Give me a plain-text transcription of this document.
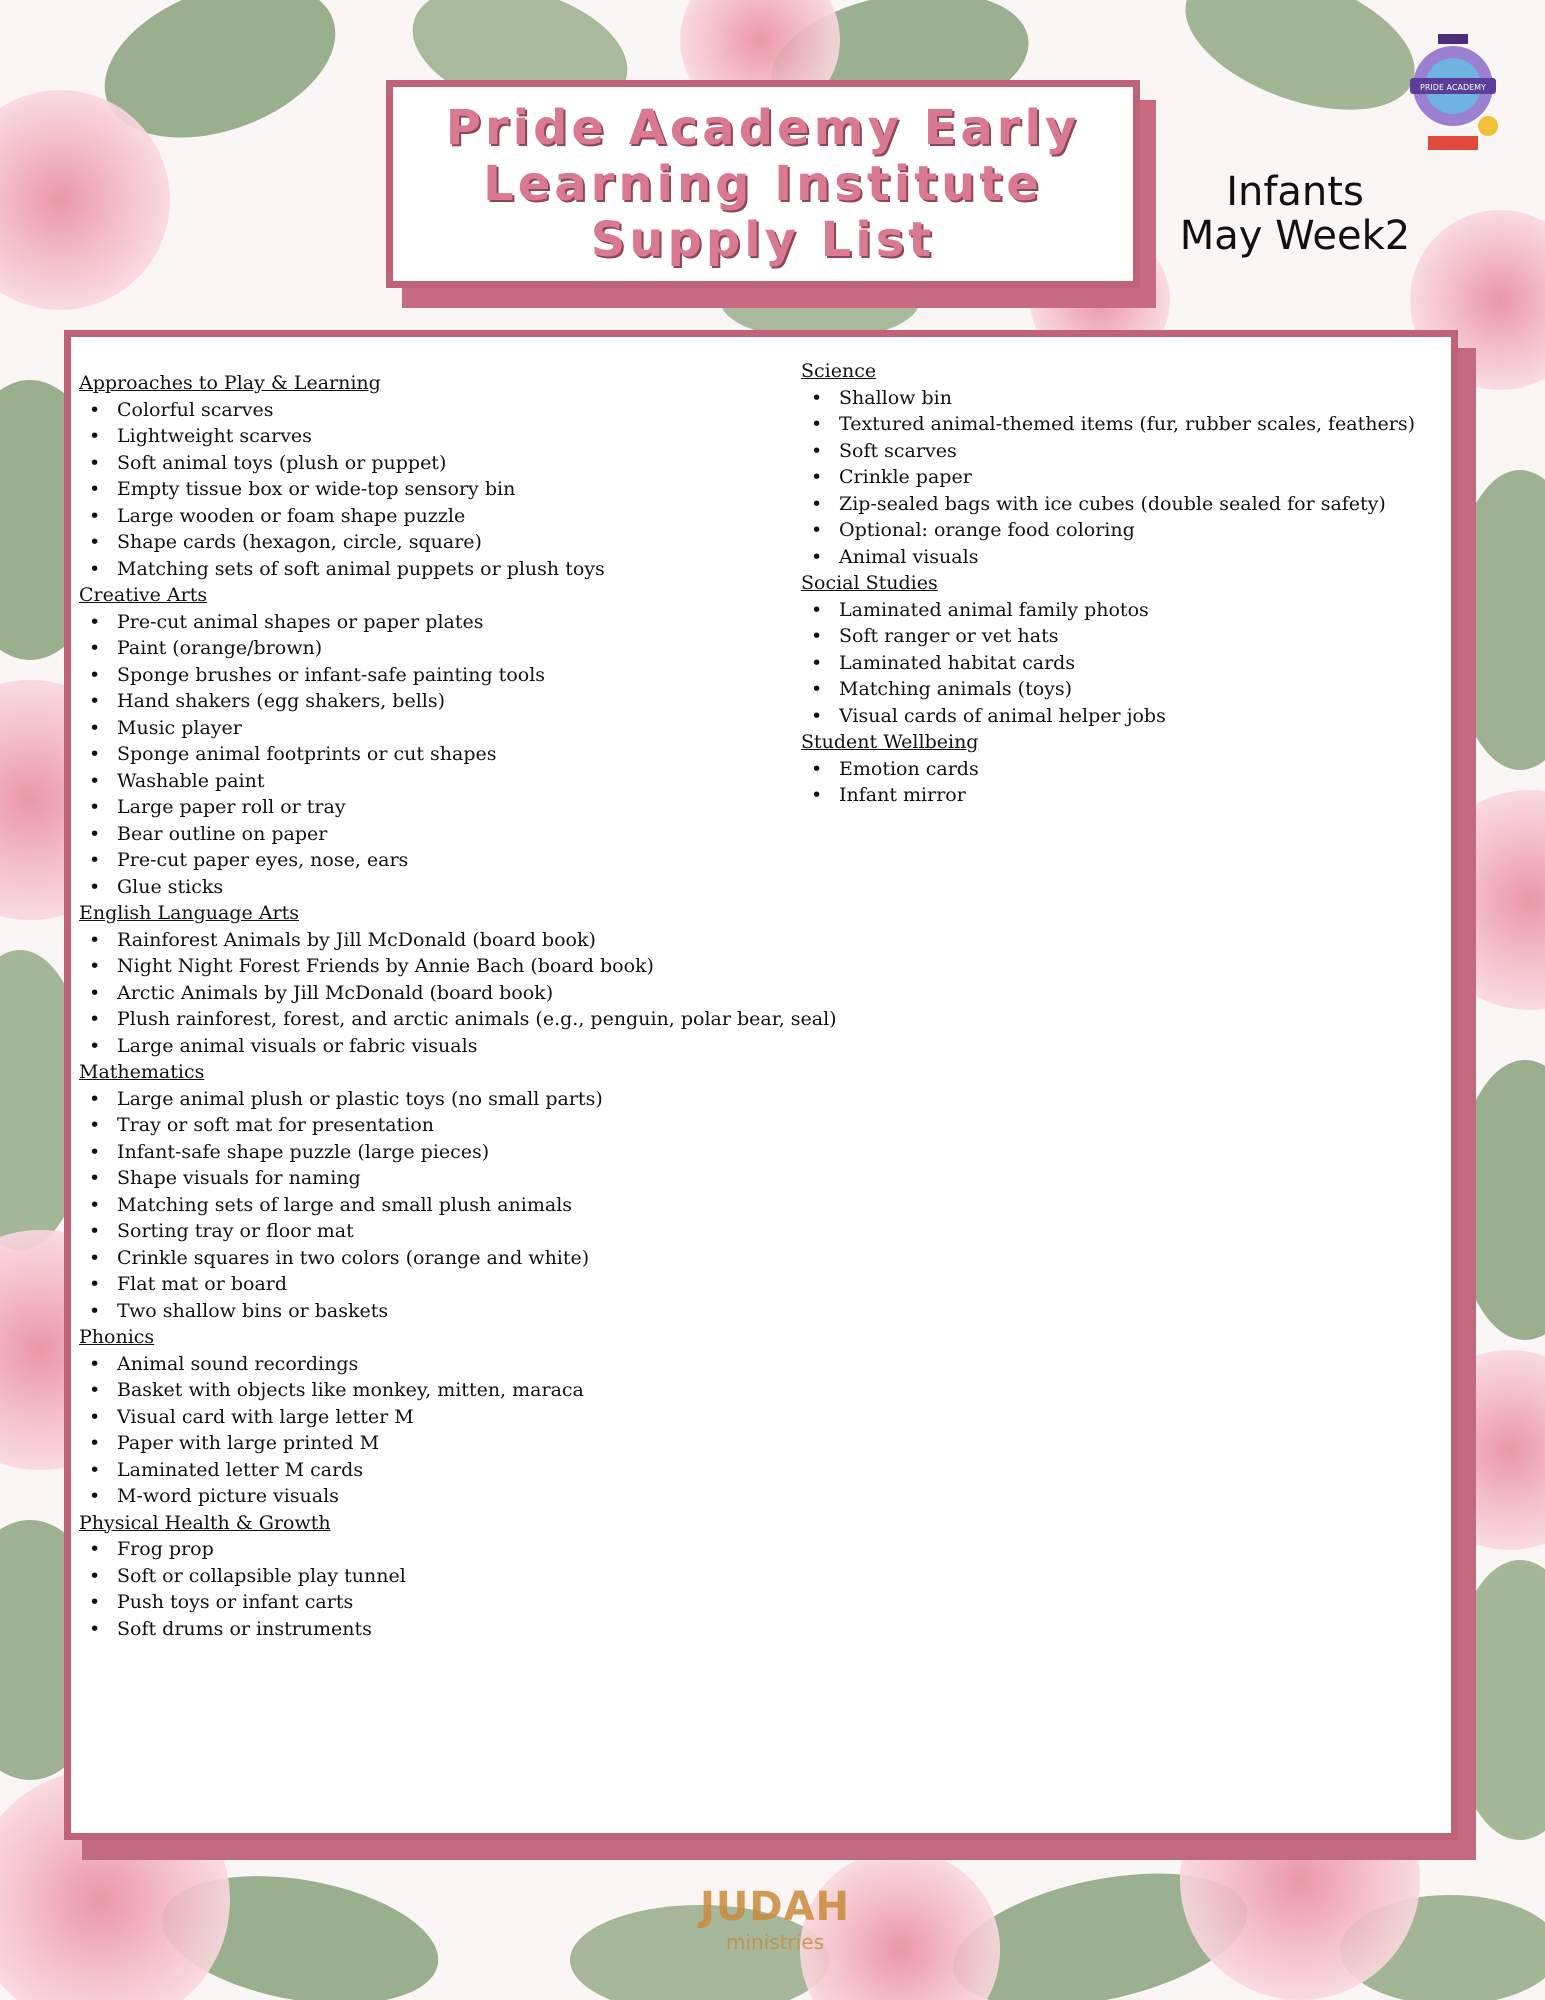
PRIDE ACADEMY
Pride Academy Early
Learning Institute
Supply List
Infants
May Week2
Approaches to Play & Learning
• Colorful scarves
• Lightweight scarves
• Soft animal toys (plush or puppet)
• Empty tissue box or wide-top sensory bin
• Large wooden or foam shape puzzle
• Shape cards (hexagon, circle, square)
• Matching sets of soft animal puppets or plush toys
Creative Arts
• Pre-cut animal shapes or paper plates
• Paint (orange/brown)
• Sponge brushes or infant-safe painting tools
• Hand shakers (egg shakers, bells)
• Music player
• Sponge animal footprints or cut shapes
• Washable paint
• Large paper roll or tray
• Bear outline on paper
• Pre-cut paper eyes, nose, ears
• Glue sticks
English Language Arts
• Rainforest Animals by Jill McDonald (board book)
• Night Night Forest Friends by Annie Bach (board book)
• Arctic Animals by Jill McDonald (board book)
• Plush rainforest, forest, and arctic animals (e.g., penguin, polar bear, seal)
• Large animal visuals or fabric visuals
Mathematics
• Large animal plush or plastic toys (no small parts)
• Tray or soft mat for presentation
• Infant-safe shape puzzle (large pieces)
• Shape visuals for naming
• Matching sets of large and small plush animals
• Sorting tray or floor mat
• Crinkle squares in two colors (orange and white)
• Flat mat or board
• Two shallow bins or baskets
Phonics
• Animal sound recordings
• Basket with objects like monkey, mitten, maraca
• Visual card with large letter M
• Paper with large printed M
• Laminated letter M cards
• M-word picture visuals
Physical Health & Growth
• Frog prop
• Soft or collapsible play tunnel
• Push toys or infant carts
• Soft drums or instruments
Science
• Shallow bin
• Textured animal-themed items (fur, rubber scales, feathers)
• Soft scarves
• Crinkle paper
• Zip-sealed bags with ice cubes (double sealed for safety)
• Optional: orange food coloring
• Animal visuals
Social Studies
• Laminated animal family photos
• Soft ranger or vet hats
• Laminated habitat cards
• Matching animals (toys)
• Visual cards of animal helper jobs
Student Wellbeing
• Emotion cards
• Infant mirror
JUDAH
ministries
